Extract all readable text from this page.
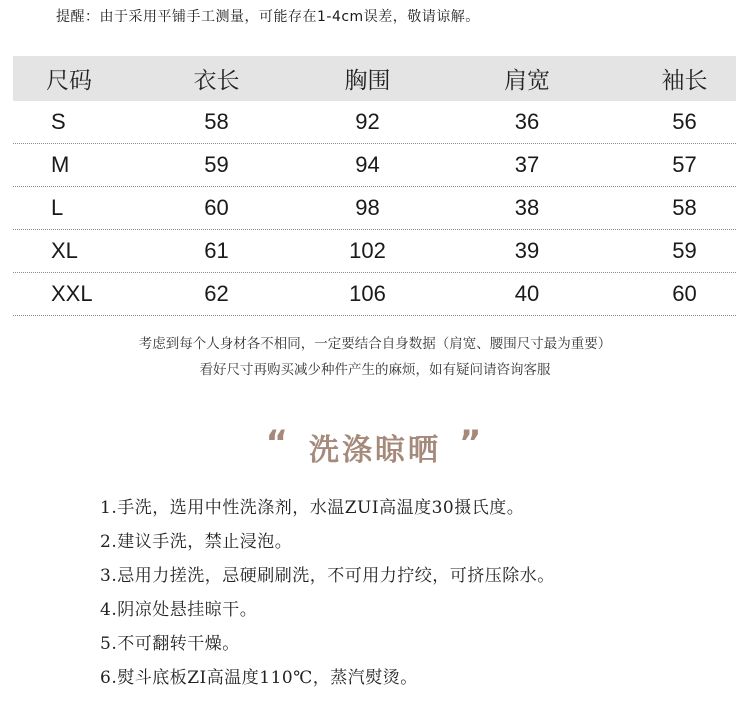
提醒：由于采用平铺手工测量，可能存在1-4cm误差，敬请谅解。
尺码	衣长	胸围	肩宽	袖长
S	58	92	36	56
M	59	94	37	57
L	60	98	38	58
XL	61	102	39	59
XXL	62	106	40	60
考虑到每个人身材各不相同，一定要结合自身数据（肩宽、腰围尺寸最为重要）
看好尺寸再购买减少种件产生的麻烦，如有疑问请咨询客服
“ 洗涤晾晒 ”
1.手洗，选用中性洗涤剂，水温ZUI高温度30摄氏度。
2.建议手洗，禁止浸泡。
3.忌用力搓洗，忌硬刷刷洗，不可用力拧绞，可挤压除水。
4.阴凉处悬挂晾干。
5.不可翻转干燥。
6.熨斗底板ZI高温度110℃，蒸汽熨烫。
